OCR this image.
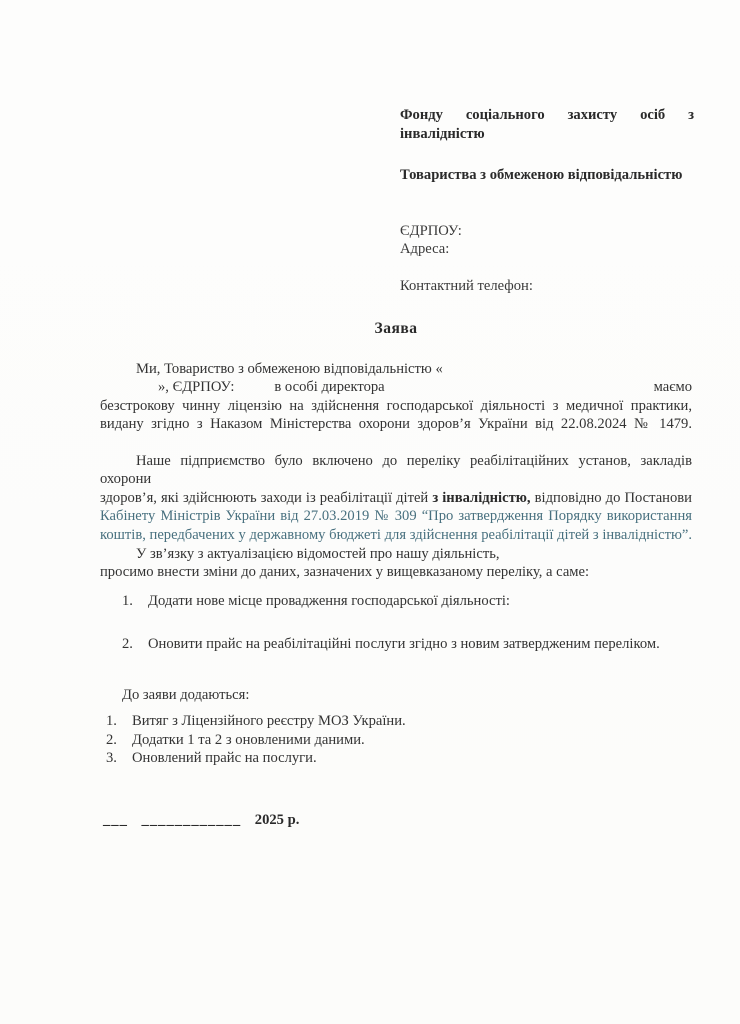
Фонду соціального захисту осіб з інвалідністю

Товариства з обмеженою відповідальністю

ЄДРПОУ:

Адреса:

Контактний телефон:

Заява
Ми, Товариство з обмеженою відповідальністю «
», ЄДРПОУ:	в особі директора	маємо
безстрокову чинну ліцензію на здійснення господарської діяльності з медичної практики,
видану згідно з Наказом Міністерства охорони здоров’я України від 22.08.2024 № 1479.
Наше підприємство було включено до переліку реабілітаційних установ, закладів охорони
здоров’я, які здійснюють заходи із реабілітації дітей з інвалідністю, відповідно до Постанови
Кабінету Міністрів України від 27.03.2019 № 309 “Про затвердження Порядку використання
коштів, передбачених у державному бюджеті для здійснення реабілітації дітей з інвалідністю”.
У зв’язку з актуалізацією відомостей про нашу діяльність,
просимо внести зміни до даних, зазначених у вищевказаному переліку, а саме:
1.	Додати нове місце провадження господарської діяльності:
2.	Оновити прайс на реабілітаційні послуги згідно з новим затвердженим переліком.
До заяви додаються:
1.	Витяг з Ліцензійного реєстру МОЗ України.
2.	Додатки 1 та 2 з оновленими даними.
3.	Оновлений прайс на послуги.
___ ____________ 2025 р.
